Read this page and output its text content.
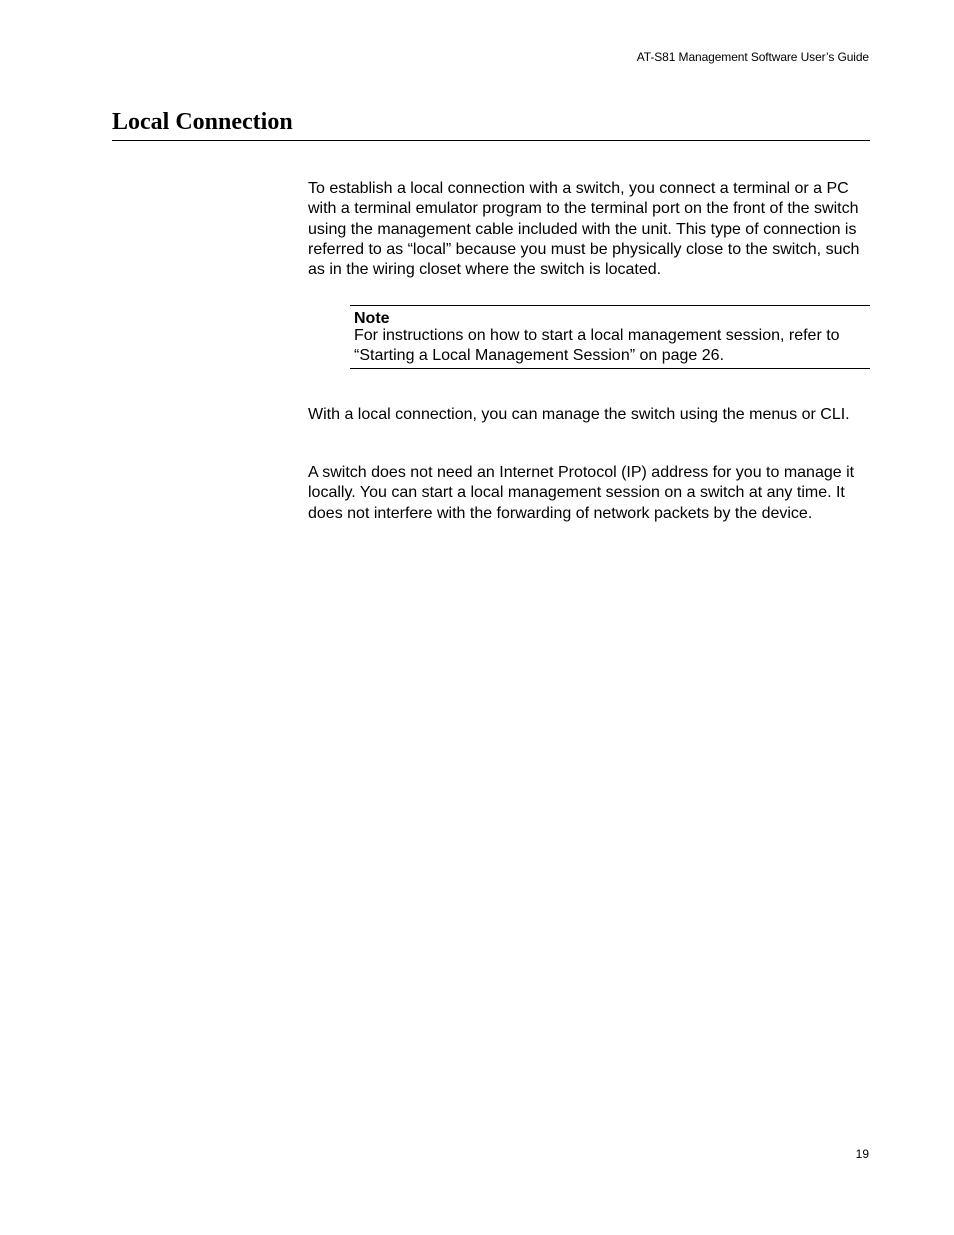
AT-S81 Management Software User’s Guide
Local Connection

To establish a local connection with a switch, you connect a terminal or a PC with a terminal emulator program to the terminal port on the front of the switch using the management cable included with the unit. This type of connection is referred to as “local” because you must be physically close to the switch, such as in the wiring closet where the switch is located.

Note

For instructions on how to start a local management session, refer to “Starting a Local Management Session” on page 26.

With a local connection, you can manage the switch using the menus or CLI.

A switch does not need an Internet Protocol (IP) address for you to manage it locally. You can start a local management session on a switch at any time. It does not interfere with the forwarding of network packets by the device.

19
